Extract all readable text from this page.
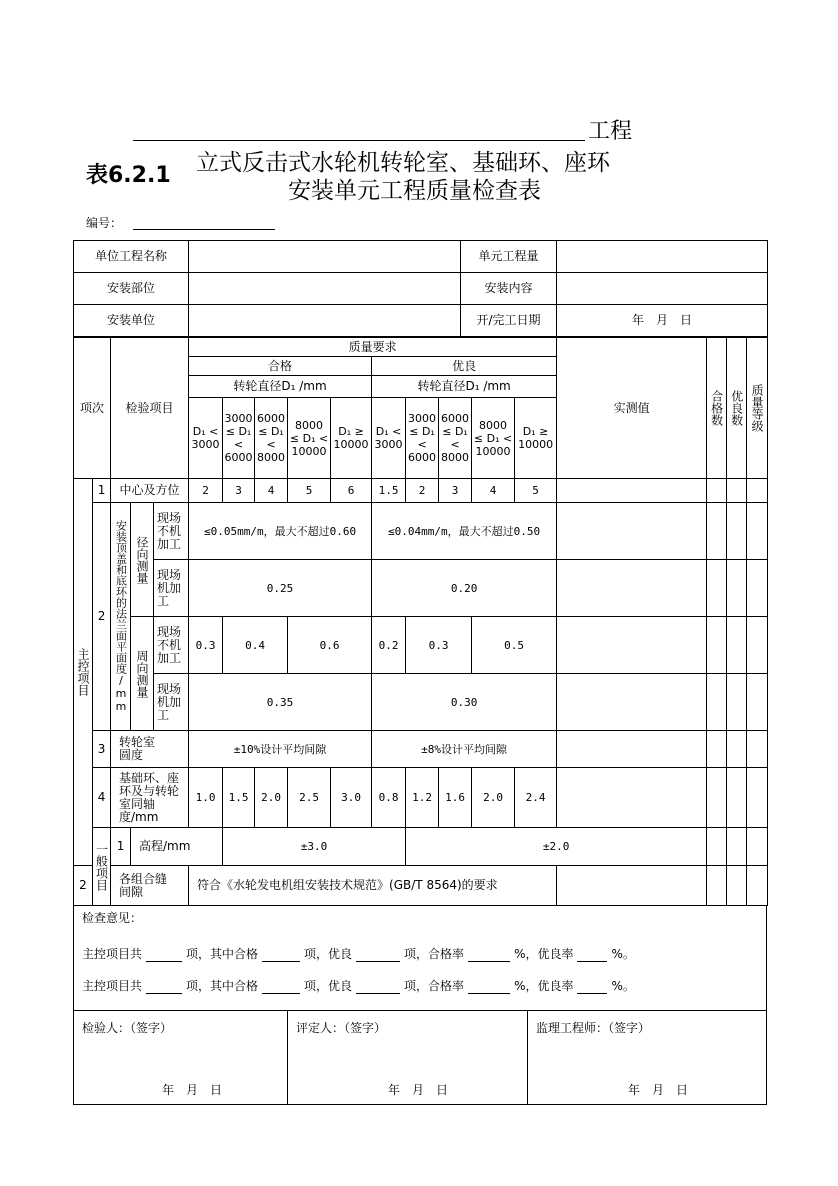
工程
表6.2.1 立式反击式水轮机转轮室、基础环、座环
安装单元工程质量检查表
编号：
单位工程名称		单元工程量	
安装部位		安装内容	
安装单位		开/完工日期	年　月　日
项次		检验项目			质量要求										实测值	合格数	优良数	质量等级	

					合格					优良									
					转轮直径D₁ /mm					转轮直径D₁ /mm									
					D₁ < 3000	3000 ≤ D₁ < 6000	6000 ≤ D₁ < 8000	8000 ≤ D₁ < 10000	D₁ ≥ 10000	D₁ < 3000	3000 ≤ D₁ < 6000	6000 ≤ D₁ < 8000	8000 ≤ D₁ < 10000	D₁ ≥ 10000					

主控项目	1	中心及方位			2	3	4	5	6	1.5	2	3	4	5					
	2	安装顶盖和底环的法兰面平面度/mm	径向测量	现场不机加工	≤0.05mm/m，最大不超过0.60					≤0.04mm/m，最大不超过0.50									

				现场机加工	0.25					0.20									

			周向测量	现场不机加工	0.3	0.4		0.6		0.2	0.3		0.5						

				现场机加工	0.35					0.30									
	3	转轮室圆度			±10%设计平均间隙					±8%设计平均间隙									
	4	基础环、座环及与转轮室同轴度/mm			1.0	1.5	2.0	2.5	3.0	0.8	1.2	1.6	2.0	2.4					

	一般项目	1	高程/mm			±3.0					±2.0								
2		各组合缝间隙			符合《水轮发电机组安装技术规范》(GB/T 8564)的要求														
检查意见：
主控项目共	项，其中合格	项，优良	项，合格率	%，优良率	%。
主控项目共	项，其中合格	项，优良	项，合格率	%，优良率	%。
检验人：（签字）
年　月　日
评定人：（签字）
年　月　日
监理工程师：（签字）
年　月　日
